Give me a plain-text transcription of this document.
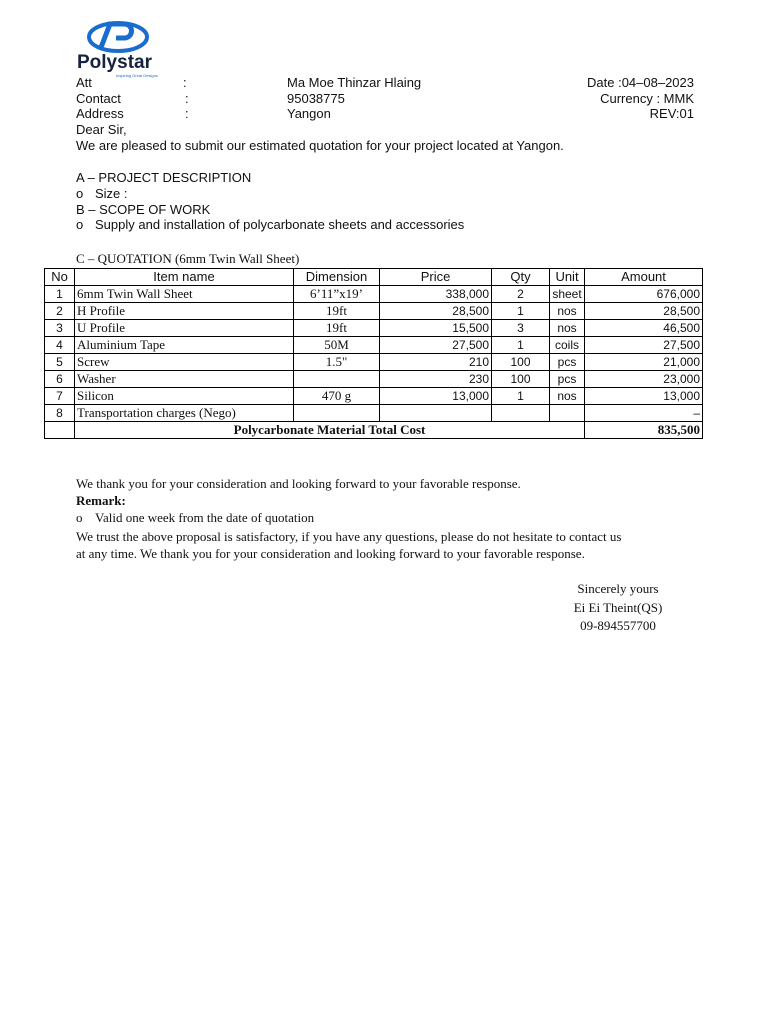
Polystar
Inspiring Great Designs
Att	:	Ma Moe Thinzar Hlaing	Date :04–08–2023
Contact	:	95038775	Currency : MMK
Address	:	Yangon	REV:01
Dear Sir,
We are pleased to submit our estimated quotation for your project located at Yangon.
A – PROJECT DESCRIPTION
o Size :
B – SCOPE OF WORK
o Supply and installation of polycarbonate sheets and accessories
C – QUOTATION (6mm Twin Wall Sheet)
No	Item name	Dimension	Price	Qty	Unit	Amount
1	6mm Twin Wall Sheet	6’11”x19’	338,000	2	sheet	676,000
2	H Profile	19ft	28,500	1	nos	28,500
3	U Profile	19ft	15,500	3	nos	46,500
4	Aluminium Tape	50M	27,500	1	coils	27,500
5	Screw	1.5"	210	100	pcs	21,000
6	Washer		230	100	pcs	23,000
7	Silicon	470 g	13,000	1	nos	13,000
8	Transportation charges (Nego)					–
	Polycarbonate Material Total Cost					835,500
We thank you for your consideration and looking forward to your favorable response.
Remark:
o Valid one week from the date of quotation
We trust the above proposal is satisfactory, if you have any questions, please do not hesitate to contact us
at any time. We thank you for your consideration and looking forward to your favorable response.
Sincerely yours
Ei Ei Theint(QS)
09-894557700
